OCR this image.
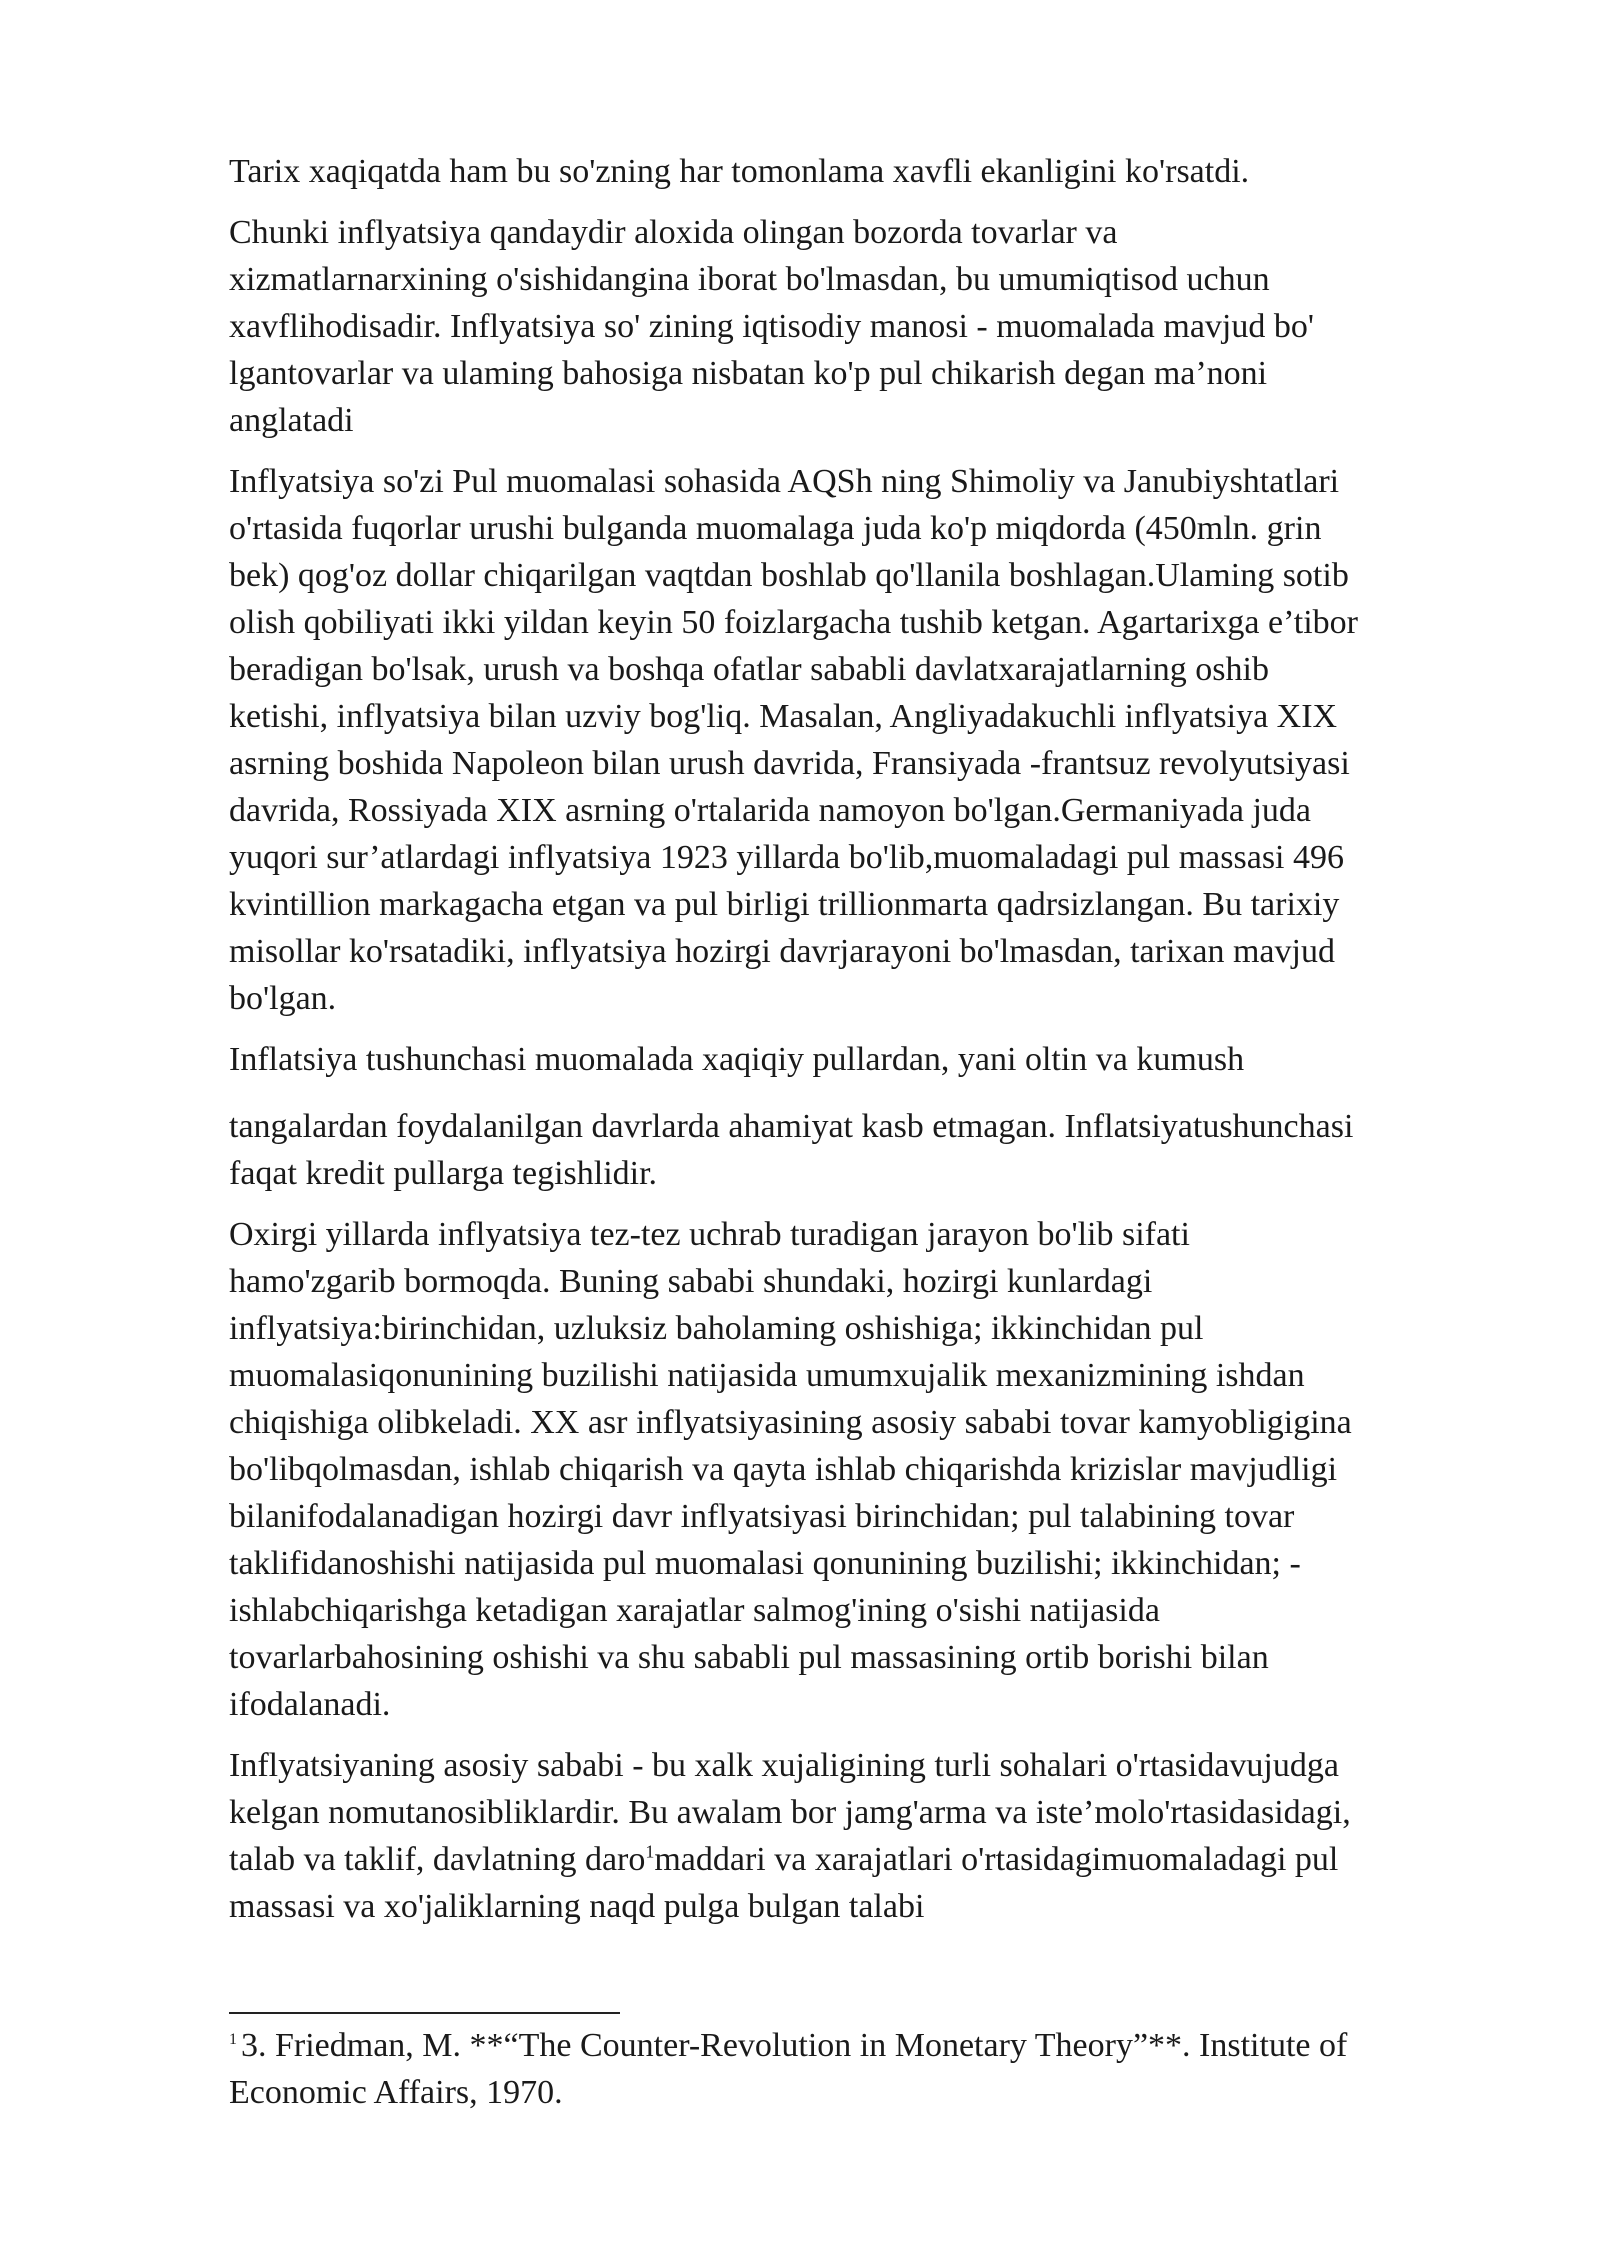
Tarix xaqiqatda ham bu so'zning har tomonlama xavfli ekanligini ko'rsatdi.

Chunki inflyatsiya qandaydir aloxida olingan bozorda tovarlar va
xizmatlarnarxining o'sishidangina iborat bo'lmasdan, bu umumiqtisod uchun
xavflihodisadir. Inflyatsiya so' zining iqtisodiy manosi - muomalada mavjud bo'
lgantovarlar va ulaming bahosiga nisbatan ko'p pul chikarish degan ma’noni
anglatadi

Inflyatsiya so'zi Pul muomalasi sohasida AQSh ning Shimoliy va Janubiyshtatlari
o'rtasida fuqorlar urushi bulganda muomalaga juda ko'p miqdorda (450mln. grin
bek) qog'oz dollar chiqarilgan vaqtdan boshlab qo'llanila boshlagan.Ulaming sotib
olish qobiliyati ikki yildan keyin 50 foizlargacha tushib ketgan. Agartarixga e’tibor
beradigan bo'lsak, urush va boshqa ofatlar sababli davlatxarajatlarning oshib
ketishi, inflyatsiya bilan uzviy bog'liq. Masalan, Angliyadakuchli inflyatsiya XIX
asrning boshida Napoleon bilan urush davrida, Fransiyada -frantsuz revolyutsiyasi
davrida, Rossiyada XIX asrning o'rtalarida namoyon bo'lgan.Germaniyada juda
yuqori sur’atlardagi inflyatsiya 1923 yillarda bo'lib,muomaladagi pul massasi 496
kvintillion markagacha etgan va pul birligi trillionmarta qadrsizlangan. Bu tarixiy
misollar ko'rsatadiki, inflyatsiya hozirgi davrjarayoni bo'lmasdan, tarixan mavjud
bo'lgan.

Inflatsiya tushunchasi muomalada xaqiqiy pullardan, yani oltin va kumush

tangalardan foydalanilgan davrlarda ahamiyat kasb etmagan. Inflatsiyatushunchasi
faqat kredit pullarga tegishlidir.

Oxirgi yillarda inflyatsiya tez-tez uchrab turadigan jarayon bo'lib sifati
hamo'zgarib bormoqda. Buning sababi shundaki, hozirgi kunlardagi
inflyatsiya:birinchidan, uzluksiz baholaming oshishiga; ikkinchidan pul
muomalasiqonunining buzilishi natijasida umumxujalik mexanizmining ishdan
chiqishiga olibkeladi. XX asr inflyatsiyasining asosiy sababi tovar kamyobligigina
bo'libqolmasdan, ishlab chiqarish va qayta ishlab chiqarishda krizislar mavjudligi
bilanifodalanadigan hozirgi davr inflyatsiyasi birinchidan; pul talabining tovar
taklifidanoshishi natijasida pul muomalasi qonunining buzilishi; ikkinchidan; -
ishlabchiqarishga ketadigan xarajatlar salmog'ining o'sishi natijasida
tovarlarbahosining oshishi va shu sababli pul massasining ortib borishi bilan
ifodalanadi.

Inflyatsiyaning asosiy sababi - bu xalk xujaligining turli sohalari o'rtasidavujudga
kelgan nomutanosibliklardir. Bu awalam bor jamg'arma va iste’molo'rtasidasidagi,
talab va taklif, davlatning daro$^1$maddari va xarajatlari o'rtasidagimuomaladagi pul
massasi va xo'jaliklarning naqd pulga bulgan talabi

$^1$ 3. Friedman, M. **“The Counter-Revolution in Monetary Theory”**. Institute of
Economic Affairs, 1970.
